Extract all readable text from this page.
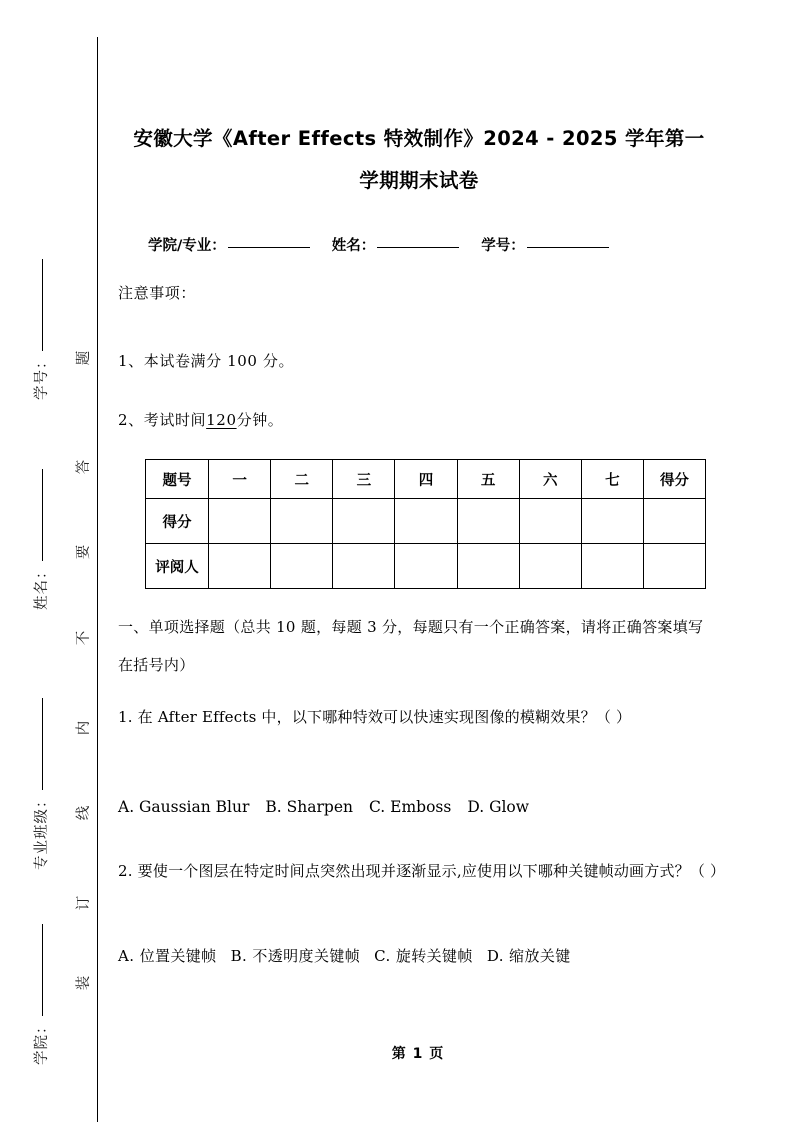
学号：
姓名：
专业班级：
学院：
题
答
要
不
内
线
订
装
安徽大学《After Effects 特效制作》2024 - 2025 学年第一学期期末试卷
学院/专业：	姓名：	学号：
注意事项：
1、本试卷满分 100 分。
2、考试时间120分钟。
题号	一	二	三	四	五	六	七	得分
得分								
评阅人								
一、单项选择题（总共 10 题，每题 3 分，每题只有一个正确答案，请将正确答案填写在括号内）
1. 在 After Effects 中，以下哪种特效可以快速实现图像的模糊效果？（ ）
A. Gaussian Blur B. Sharpen C. Emboss D. Glow
2. 要使一个图层在特定时间点突然出现并逐渐显示,应使用以下哪种关键帧动画方式？（ ）
A. 位置关键帧 B. 不透明度关键帧 C. 旋转关键帧 D. 缩放关键
第 1 页
